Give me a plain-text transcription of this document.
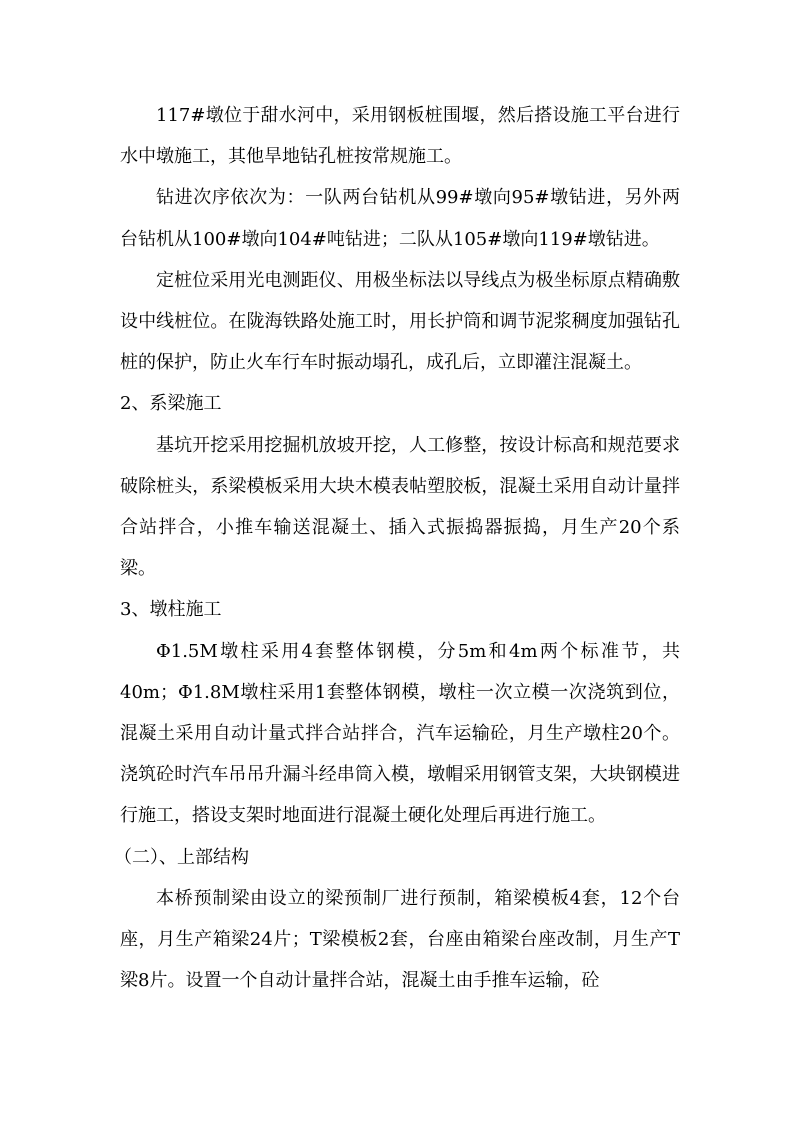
117#墩位于甜水河中，采用钢板桩围堰，然后搭设施工平台进行水中墩施工，其他旱地钻孔桩按常规施工。

钻进次序依次为：一队两台钻机从99#墩向95#墩钻进，另外两台钻机从100#墩向104#吨钻进；二队从105#墩向119#墩钻进。

定桩位采用光电测距仪、用极坐标法以导线点为极坐标原点精确敷设中线桩位。在陇海铁路处施工时，用长护筒和调节泥浆稠度加强钻孔桩的保护，防止火车行车时振动塌孔，成孔后，立即灌注混凝土。

2、系梁施工

基坑开挖采用挖掘机放坡开挖，人工修整，按设计标高和规范要求破除桩头，系梁模板采用大块木模表帖塑胶板，混凝土采用自动计量拌合站拌合，小推车输送混凝土、插入式振捣器振捣，月生产20个系梁。

3、墩柱施工

Φ1.5M墩柱采用4套整体钢模，分5m和4m两个标准节，共40m；Φ1.8M墩柱采用1套整体钢模，墩柱一次立模一次浇筑到位，混凝土采用自动计量式拌合站拌合，汽车运输砼，月生产墩柱20个。浇筑砼时汽车吊吊升漏斗经串筒入模，墩帽采用钢管支架，大块钢模进行施工，搭设支架时地面进行混凝土硬化处理后再进行施工。

（二）、上部结构

本桥预制梁由设立的梁预制厂进行预制，箱梁模板4套，12个台座，月生产箱梁24片；T梁模板2套，台座由箱梁台座改制，月生产T梁8片。设置一个自动计量拌合站，混凝土由手推车运输，砼
